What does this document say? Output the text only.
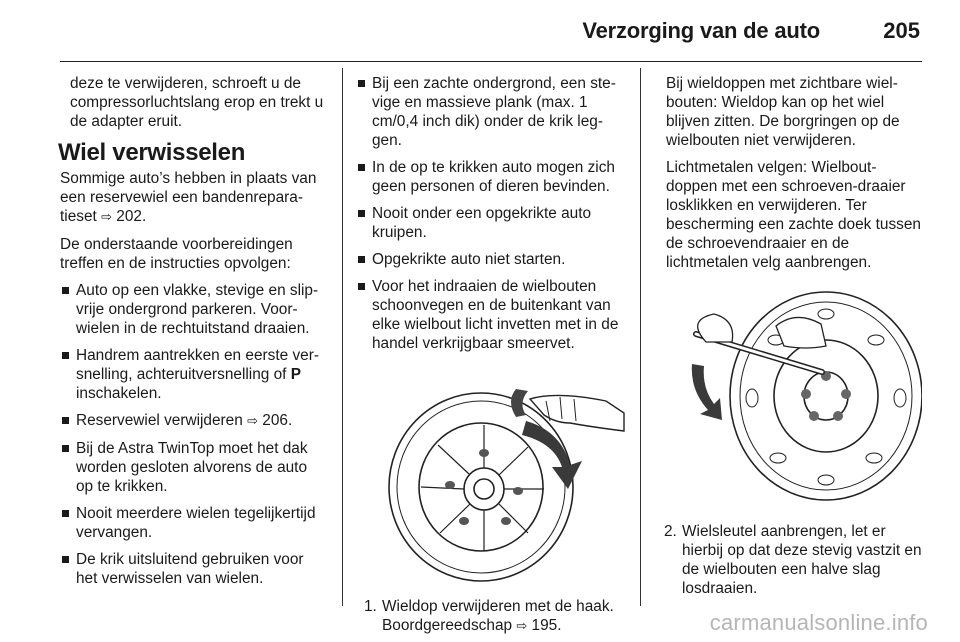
Verzorging van de auto	205

deze te verwijderen, schroeft u de compressorluchtslang erop en trekt u de adapter eruit.

Wiel verwisselen

Sommige auto’s hebben in plaats van een reservewiel een bandenrepara-tieset ⇨ 202.

De onderstaande voorbereidingen treffen en de instructies opvolgen:

Auto op een vlakke, stevige en slip-vrije ondergrond parkeren. Voor-wielen in de rechtuitstand draaien.
Handrem aantrekken en eerste ver-snelling, achteruitversnelling of P
inschakelen.
Reservewiel verwijderen ⇨ 206.
Bij de Astra TwinTop moet het dak worden gesloten alvorens de auto op te krikken.
Nooit meerdere wielen tegelijkertijd vervangen.
De krik uitsluitend gebruiken voor het verwisselen van wielen.
Bij een zachte ondergrond, een ste-vige en massieve plank (max. 1 cm/0,4 inch dik) onder de krik leg-gen.
In de op te krikken auto mogen zich geen personen of dieren bevinden.
Nooit onder een opgekrikte auto kruipen.
Opgekrikte auto niet starten.
Voor het indraaien de wielbouten schoonvegen en de buitenkant van elke wielbout licht invetten met in de handel verkrijgbaar smeervet.
1. Wieldop verwijderen met de haak. Boordgereedschap ⇨ 195.

Bij wieldoppen met zichtbare wiel-bouten: Wieldop kan op het wiel blijven zitten. De borgringen op de wielbouten niet verwijderen.

Lichtmetalen velgen: Wielbout-doppen met een schroeven-draaier losklikken en verwijderen. Ter bescherming een zachte doek tussen de schroevendraaier en de lichtmetalen velg aanbrengen.

2. Wielsleutel aanbrengen, let er hierbij op dat deze stevig vastzit en de wielbouten een halve slag losdraaien.
carmanualsonline.info
